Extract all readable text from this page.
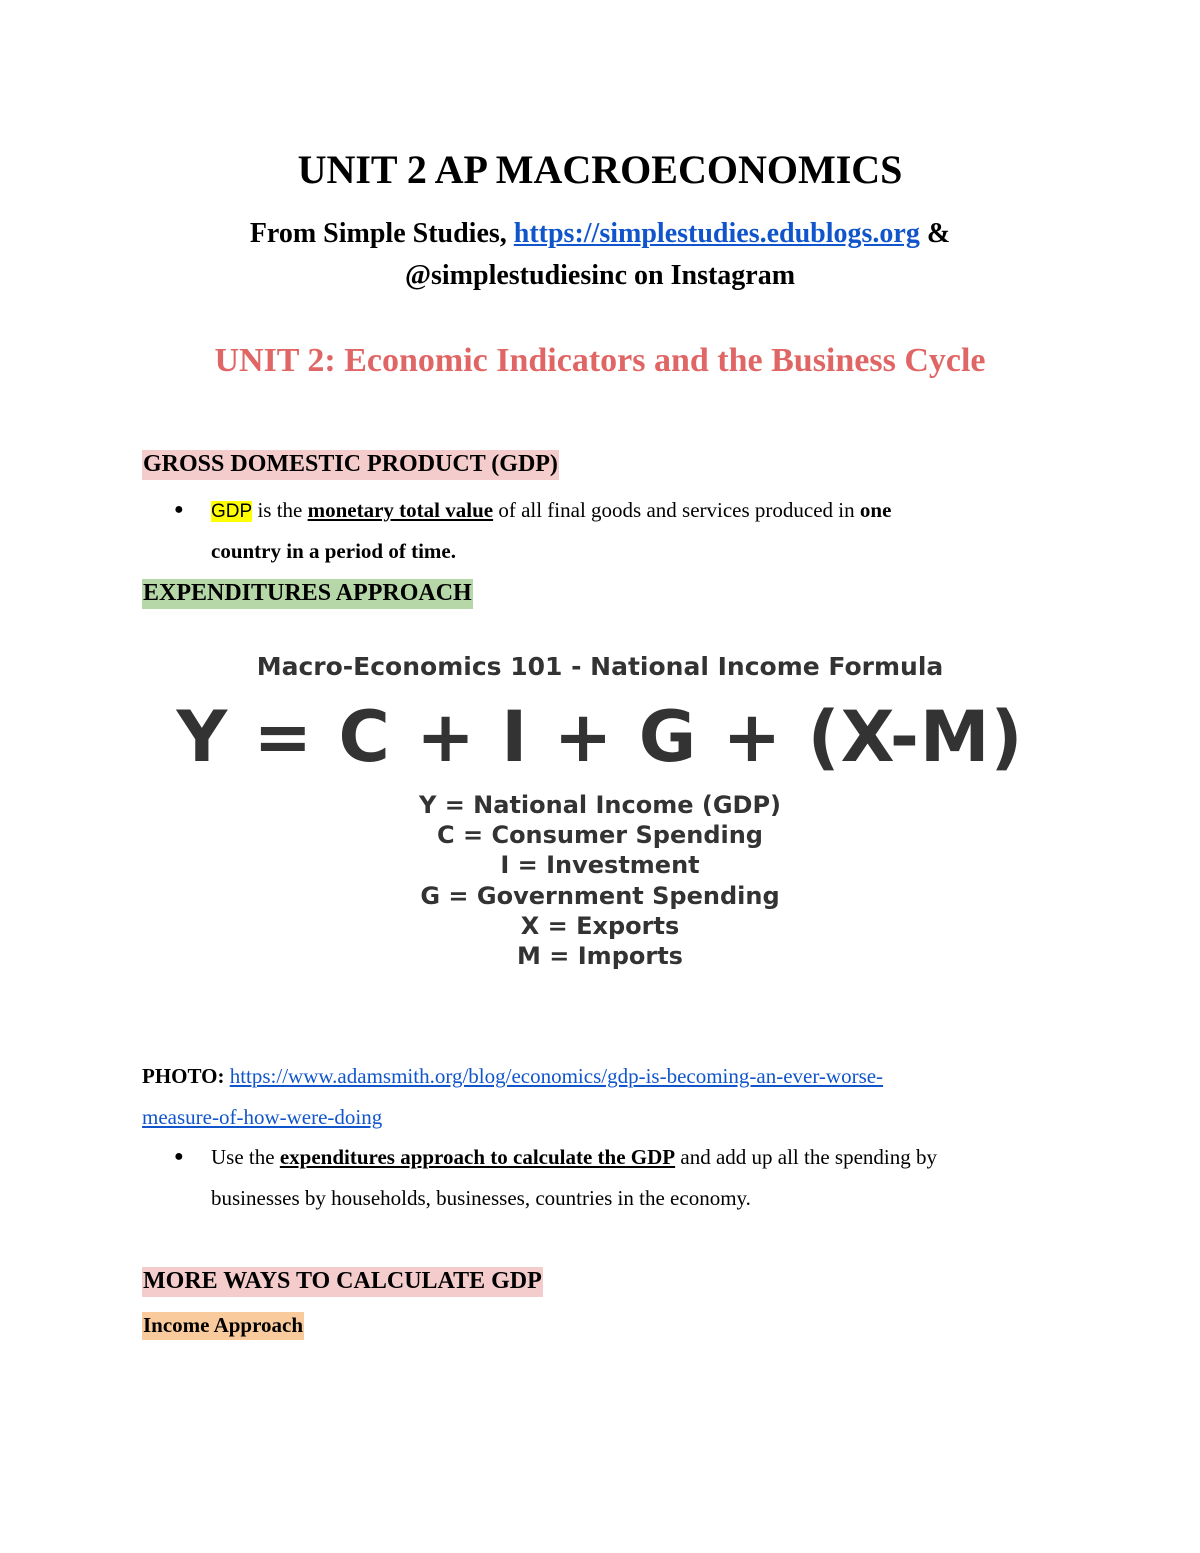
UNIT 2 AP MACROECONOMICS
From Simple Studies, https://simplestudies.edublogs.org &
@simplestudiesinc on Instagram
UNIT 2: Economic Indicators and the Business Cycle
GROSS DOMESTIC PRODUCT (GDP)
● GDP is the monetary total value of all final goods and services produced in one
country in a period of time.
EXPENDITURES APPROACH
Macro-Economics 101 - National Income Formula
Y = C + I + G + (X-M)
Y = National Income (GDP)
C = Consumer Spending
I = Investment
G = Government Spending
X = Exports
M = Imports
PHOTO: https://www.adamsmith.org/blog/economics/gdp-is-becoming-an-ever-worse-
measure-of-how-were-doing
● Use the expenditures approach to calculate the GDP and add up all the spending by
businesses by households, businesses, countries in the economy.
MORE WAYS TO CALCULATE GDP
Income Approach
